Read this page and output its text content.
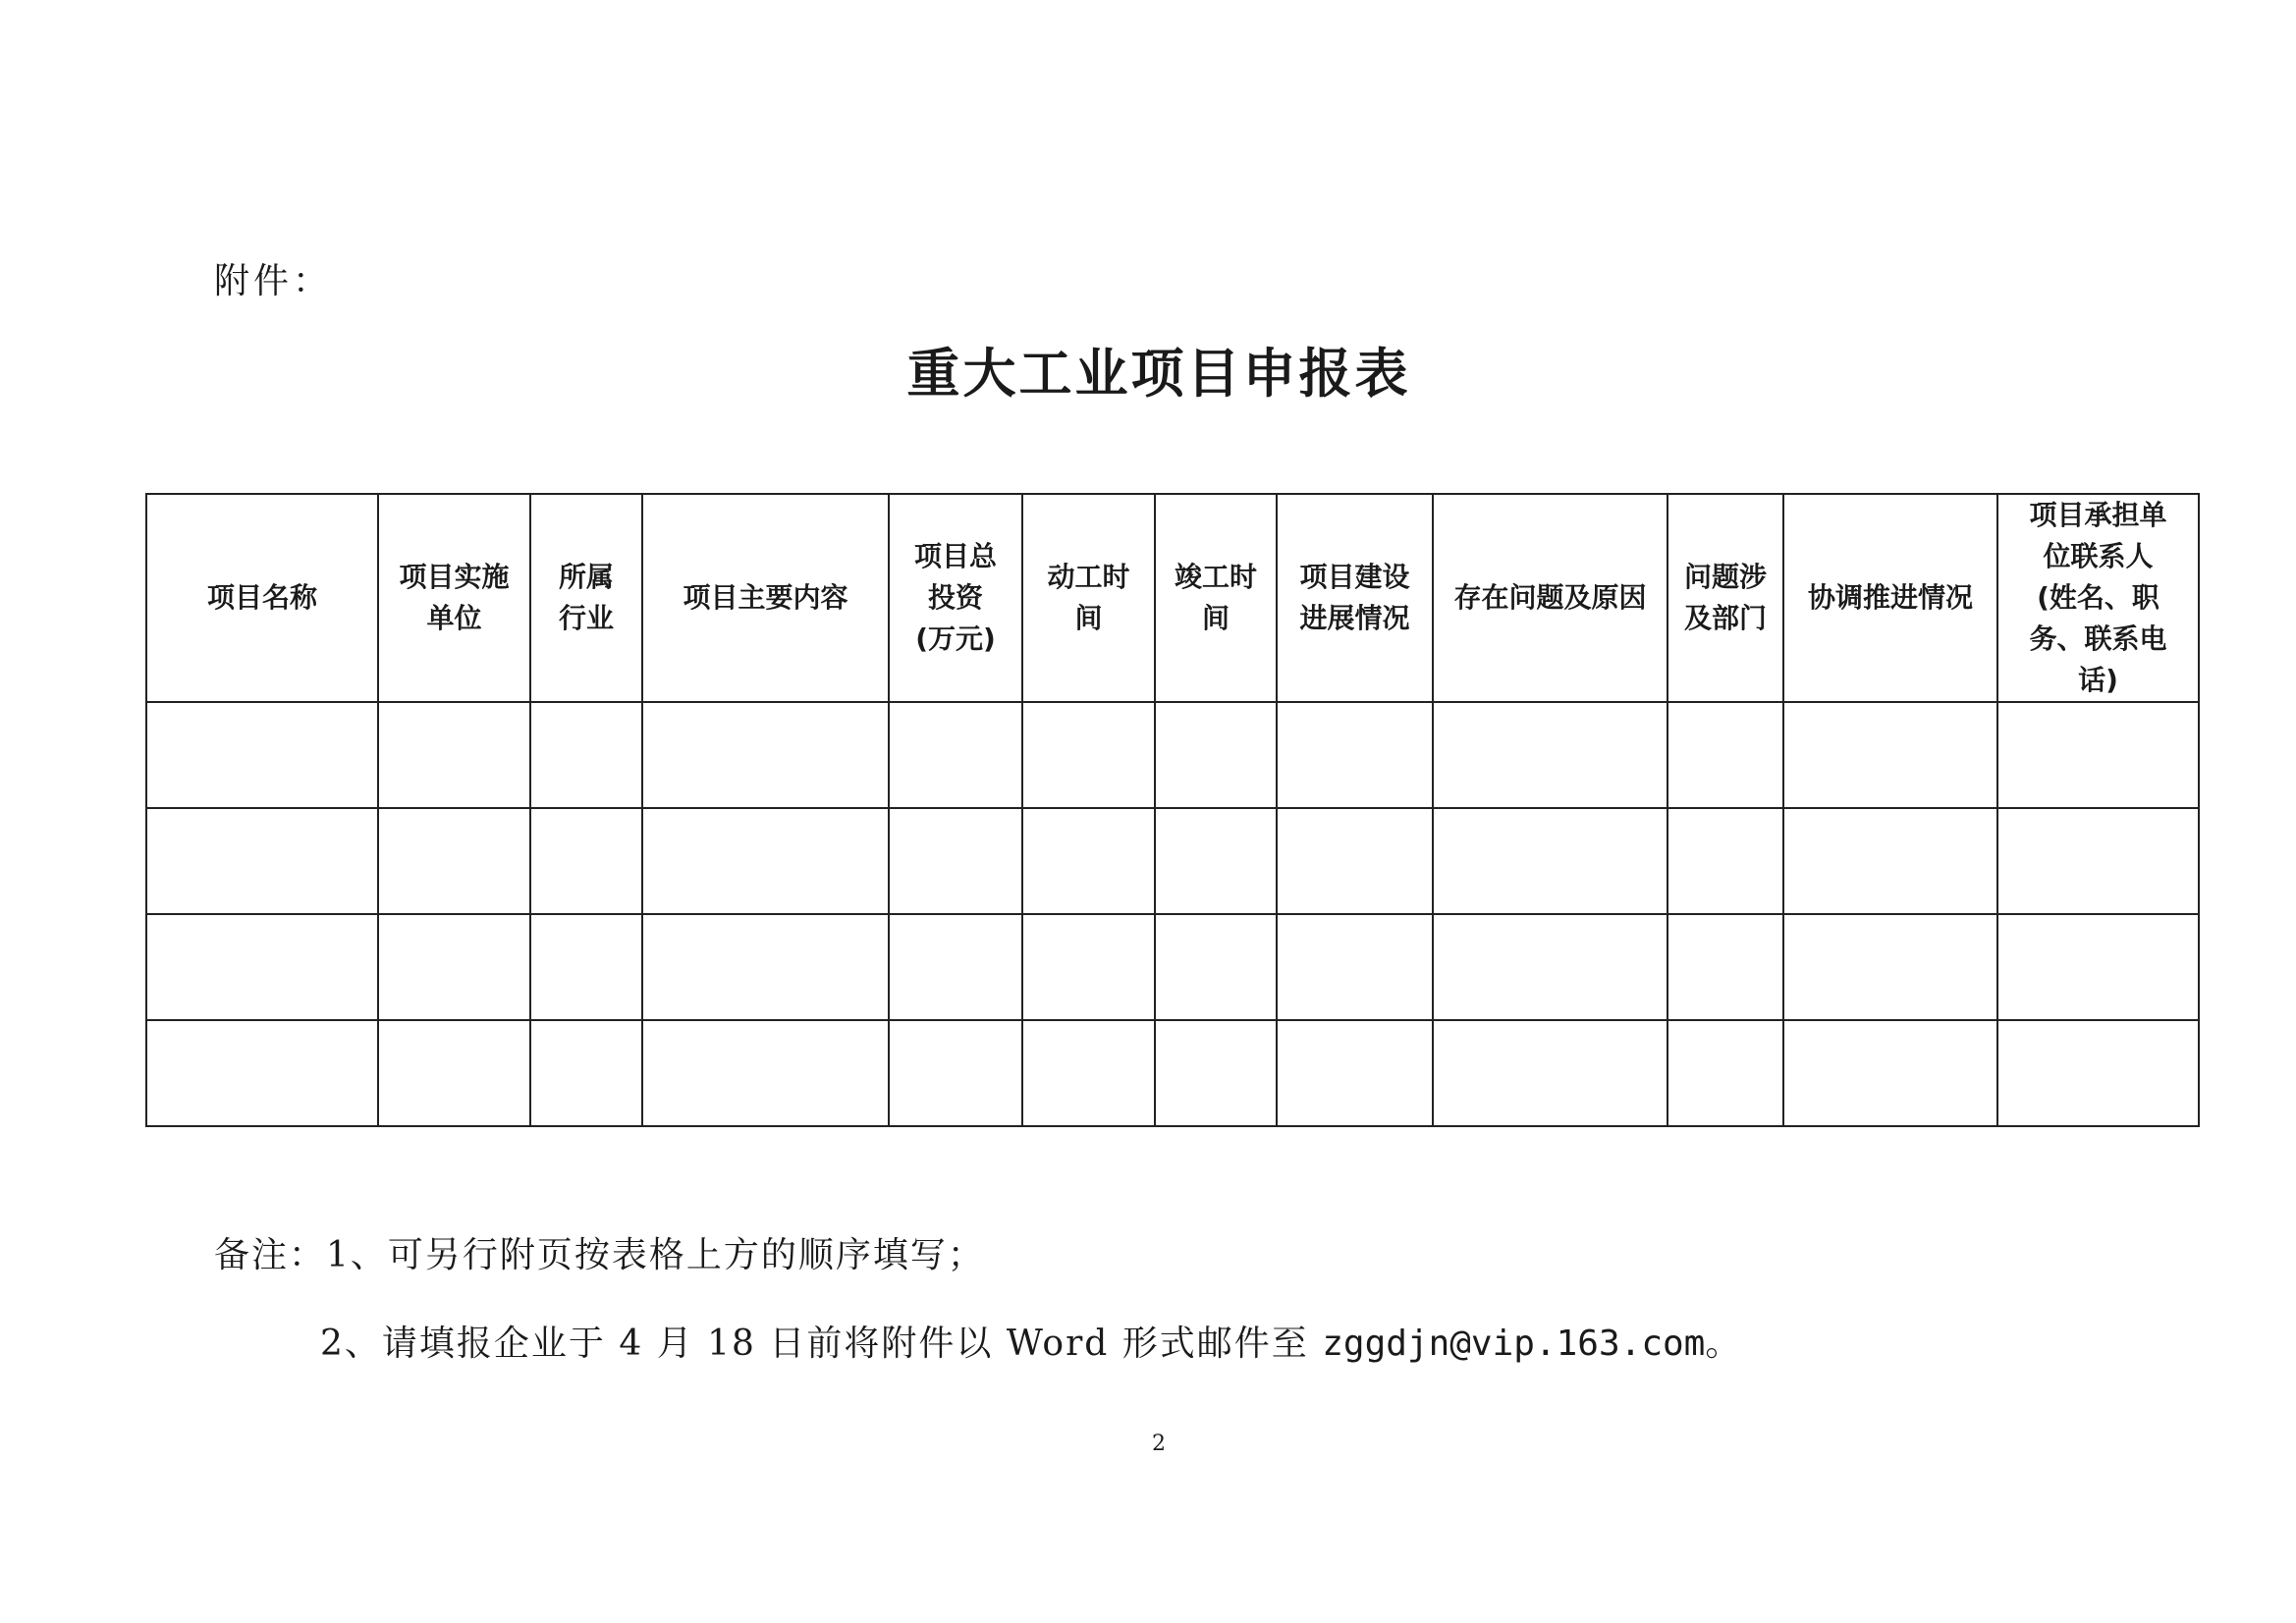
附件：
重大工业项目申报表
项目名称	项目实施单位	所属行业	项目主要内容	项目总投资(万元)	动工时间	竣工时间	项目建设进展情况	存在问题及原因	问题涉及部门	协调推进情况	项目承担单位联系人(姓名、职务、联系电话)

备注：1、可另行附页按表格上方的顺序填写；
2、请填报企业于 4 月 18 日前将附件以 Word 形式邮件至 zggdjn@vip.163.com。
2
